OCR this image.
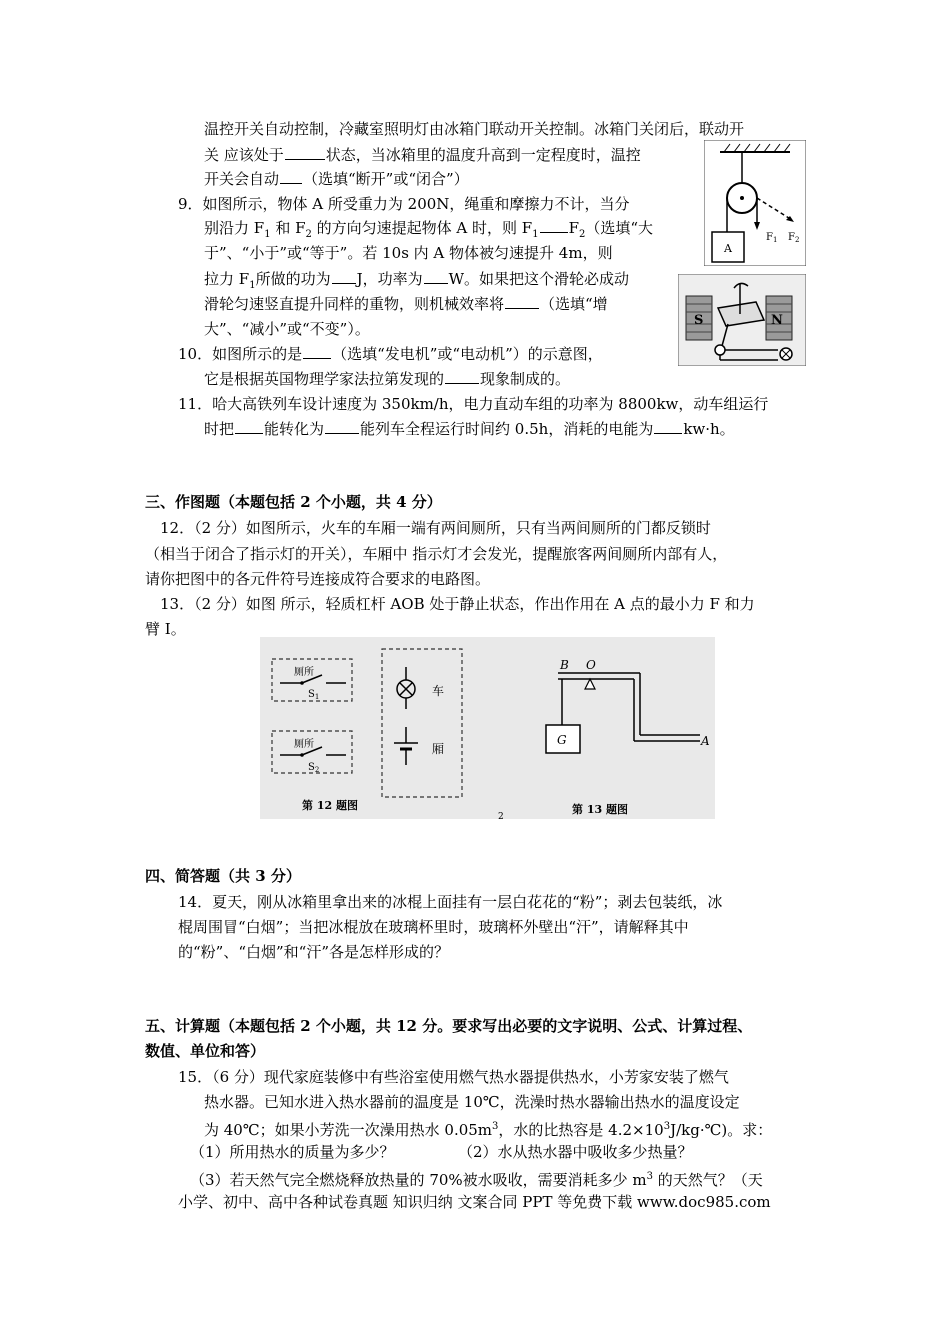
温控开关自动控制，冷藏室照明灯由冰箱门联动开关控制。冰箱门关闭后，联动开
关 应该处于	状态，当冰箱里的温度升高到一定程度时，温控
开关会自动 （选填“断开”或“闭合”）
9．如图所示，物体 A 所受重力为 200N，绳重和摩擦力不计，当分
别沿力 $F_1$ 和 $F_2$ 的方向匀速提起物体 A 时，则 $F_1$ $F_2$（选填“大
于”、“小于”或“等于”。若 10s 内 A 物体被匀速提升 4m，则
拉力 $F_1$所做的功为 J，功率为 W。如果把这个滑轮必成动
滑轮匀速竖直提升同样的重物，则机械效率将 （选填“增
大”、“减小”或“不变”）。
10．如图所示的是 （选填“发电机”或“电动机”）的示意图，
它是根据英国物理学家法拉第发现的 现象制成的。
11．哈大高铁列车设计速度为 350km/h，电力直动车组的功率为 8800kw，动车组运行
时把 能转化为 能列车全程运行时间约 0.5h，消耗的电能为 kw·h。
三、作图题（本题包括 2 个小题，共 4 分）
12．（2 分）如图所示，火车的车厢一端有两间厕所，只有当两间厕所的门都反锁时
（相当于闭合了指示灯的开关），车厢中 指示灯才会发光，提醒旅客两间厕所内部有人，
请你把图中的各元件符号连接成符合要求的电路图。
13．（2 分）如图 所示，轻质杠杆 AOB 处于静止状态，作出作用在 A 点的最小力 F 和力
臂 I。
四、简答题（共 3 分）
14．夏天，刚从冰箱里拿出来的冰棍上面挂有一层白花花的“粉”；剥去包装纸，冰
棍周围冒“白烟”；当把冰棍放在玻璃杯里时，玻璃杯外壁出“汗”，请解释其中
的“粉”、“白烟”和“汗”各是怎样形成的？
五、计算题（本题包括 2 个小题，共 12 分。要求写出必要的文字说明、公式、计算过程、
数值、单位和答）
15．（6 分）现代家庭装修中有些浴室使用燃气热水器提供热水，小芳家安装了燃气
热水器。已知水进入热水器前的温度是 10℃，洗澡时热水器输出热水的温度设定
为 40℃；如果小芳洗一次澡用热水 $0.05m^3$，水的比热容是 $4.2\times 10^3J/kg\cdot℃$)。求：
（1）所用热水的质量为多少？	（2）水从热水器中吸收多少热量？
（3）若天然气完全燃烧释放热量的 70%被水吸收，需要消耗多少 $m^3$ 的天然气？（天
小学、初中、高中各种试卷真题 知识归纳 文案合同 PPT 等免费下载 www.doc985.com
A
$F_1$ $F_2$
S	N
厕所
$S_1$
厕所
$S_2$
车
厢
第 12 题图
2
G
B O
A
第 13 题图
